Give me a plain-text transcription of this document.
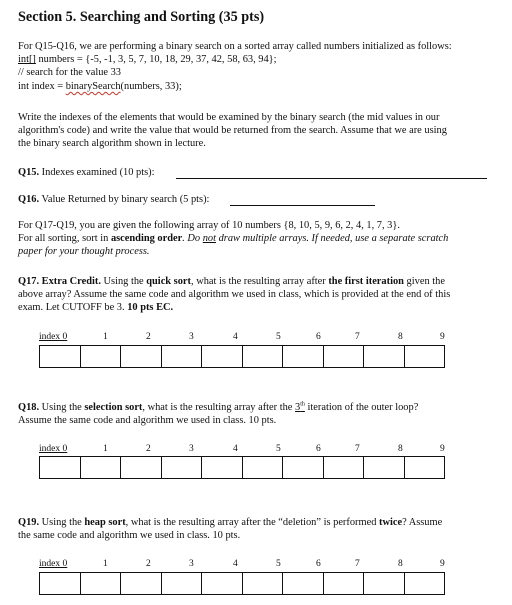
Section 5. Searching and Sorting (35 pts)
For Q15-Q16, we are performing a binary search on a sorted array called numbers initialized as follows:
int[] numbers = {-5, -1, 3, 5, 7, 10, 18, 29, 37, 42, 58, 63, 94};
// search for the value 33
int index = binarySearch(numbers, 33);
Write the indexes of the elements that would be examined by the binary search (the mid values in our
algorithm's code) and write the value that would be returned from the search. Assume that we are using
the binary search algorithm shown in lecture.
Q15. Indexes examined (10 pts):
Q16. Value Returned by binary search (5 pts):
For Q17-Q19, you are given the following array of 10 numbers {8, 10, 5, 9, 6, 2, 4, 1, 7, 3}.
For all sorting, sort in ascending order. Do not draw multiple arrays. If needed, use a separate scratch
paper for your thought process.
Q17. Extra Credit. Using the quick sort, what is the resulting array after the first iteration given the
above array? Assume the same code and algorithm we used in class, which is provided at the end of this
exam. Let CUTOFF be 3. 10 pts EC.
index 0	1	2	3	4	5	6	7	8	9
Q18. Using the selection sort, what is the resulting array after the 3th iteration of the outer loop?
Assume the same code and algorithm we used in class. 10 pts.
index 0	1	2	3	4	5	6	7	8	9
Q19. Using the heap sort, what is the resulting array after the “deletion” is performed twice? Assume
the same code and algorithm we used in class. 10 pts.
index 0	1	2	3	4	5	6	7	8	9
